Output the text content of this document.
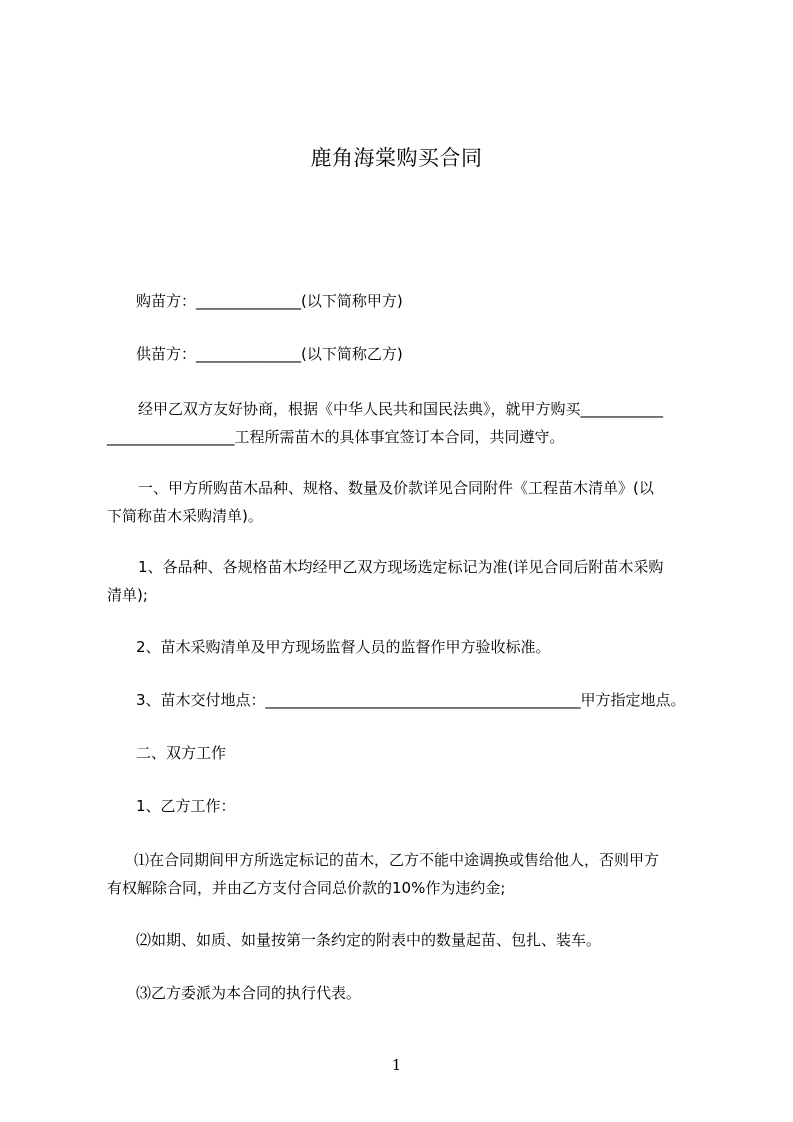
鹿角海棠购买合同
购苗方：______________(以下简称甲方)
供苗方：______________(以下简称乙方)
经甲乙双方友好协商，根据《中华人民共和国民法典》，就甲方购买___________
_________________工程所需苗木的具体事宜签订本合同，共同遵守。
一、甲方所购苗木品种、规格、数量及价款详见合同附件《工程苗木清单》(以
下简称苗木采购清单)。
1、各品种、各规格苗木均经甲乙双方现场选定标记为准(详见合同后附苗木采购
清单);
2、苗木采购清单及甲方现场监督人员的监督作甲方验收标准。
3、苗木交付地点：__________________________________________甲方指定地点。
二、双方工作
1、乙方工作：
⑴在合同期间甲方所选定标记的苗木，乙方不能中途调换或售给他人，否则甲方
有权解除合同，并由乙方支付合同总价款的10%作为违约金;
⑵如期、如质、如量按第一条约定的附表中的数量起苗、包扎、装车。
⑶乙方委派为本合同的执行代表。
1
